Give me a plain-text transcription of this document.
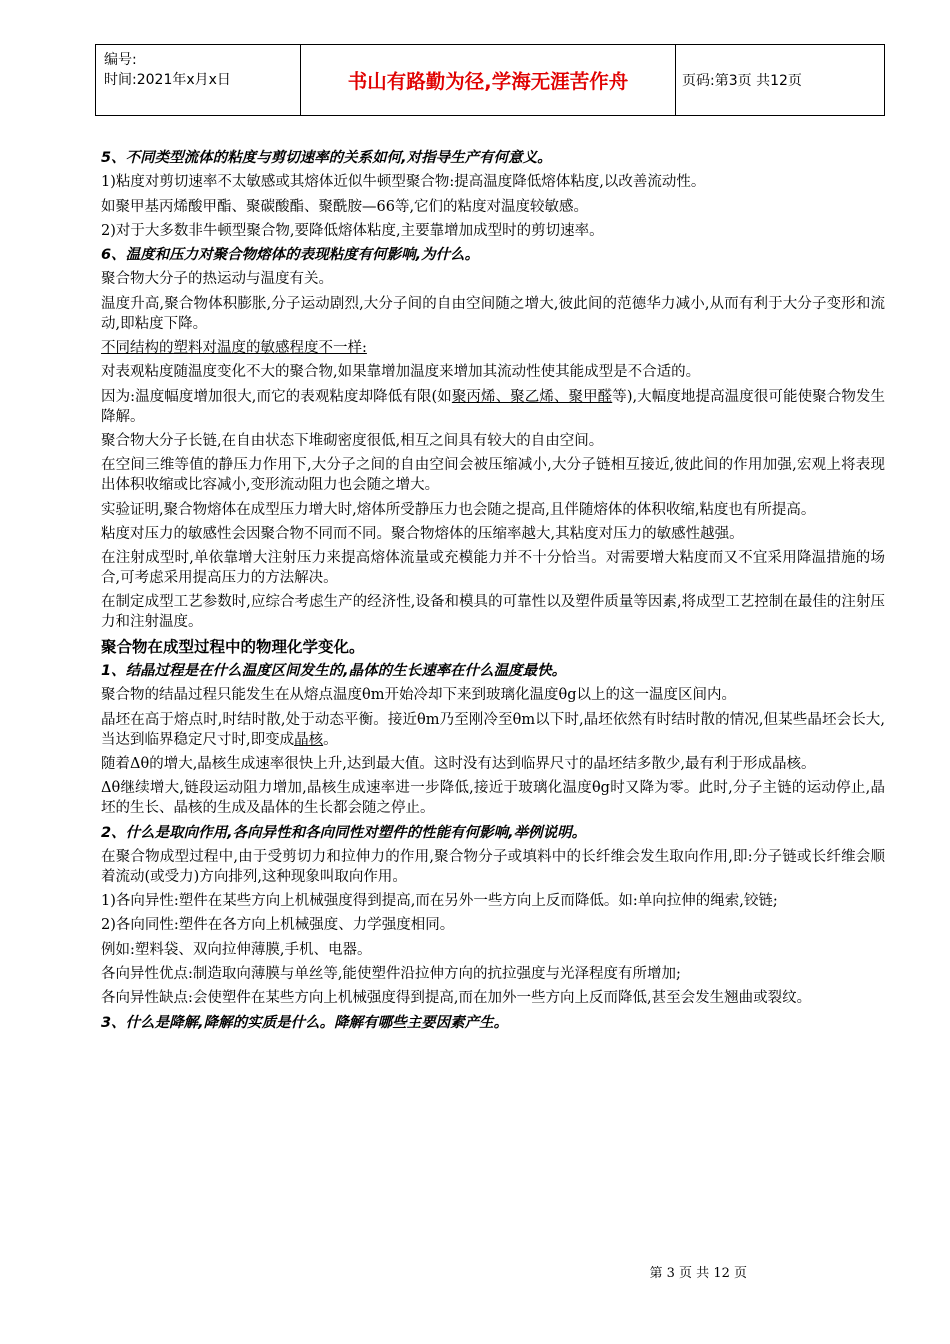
编号:
时间:2021年x月x日	书山有路勤为径,学海无涯苦作舟	页码:第3页 共12页
5、不同类型流体的粘度与剪切速率的关系如何,对指导生产有何意义。
1)粘度对剪切速率不太敏感或其熔体近似牛顿型聚合物:提高温度降低熔体粘度,以改善流动性。
如聚甲基丙烯酸甲酯、聚碳酸酯、聚酰胺—66等,它们的粘度对温度较敏感。
2)对于大多数非牛顿型聚合物,要降低熔体粘度,主要靠增加成型时的剪切速率。
6、温度和压力对聚合物熔体的表现粘度有何影响,为什么。
聚合物大分子的热运动与温度有关。
温度升高,聚合物体积膨胀,分子运动剧烈,大分子间的自由空间随之增大,彼此间的范德华力减小,从而有利于大分子变形和流动,即粘度下降。
不同结构的塑料对温度的敏感程度不一样:
对表观粘度随温度变化不大的聚合物,如果靠增加温度来增加其流动性使其能成型是不合适的。
因为:温度幅度增加很大,而它的表观粘度却降低有限(如聚丙烯、聚乙烯、聚甲醛等),大幅度地提高温度很可能使聚合物发生降解。
聚合物大分子长链,在自由状态下堆砌密度很低,相互之间具有较大的自由空间。
在空间三维等值的静压力作用下,大分子之间的自由空间会被压缩减小,大分子链相互接近,彼此间的作用加强,宏观上将表现出体积收缩或比容减小,变形流动阻力也会随之增大。
实验证明,聚合物熔体在成型压力增大时,熔体所受静压力也会随之提高,且伴随熔体的体积收缩,粘度也有所提高。
粘度对压力的敏感性会因聚合物不同而不同。聚合物熔体的压缩率越大,其粘度对压力的敏感性越强。
在注射成型时,单依靠增大注射压力来提高熔体流量或充模能力并不十分恰当。对需要增大粘度而又不宜采用降温措施的场合,可考虑采用提高压力的方法解决。
在制定成型工艺参数时,应综合考虑生产的经济性,设备和模具的可靠性以及塑件质量等因素,将成型工艺控制在最佳的注射压力和注射温度。
聚合物在成型过程中的物理化学变化。
1、结晶过程是在什么温度区间发生的,晶体的生长速率在什么温度最快。
聚合物的结晶过程只能发生在从熔点温度θm开始冷却下来到玻璃化温度θg以上的这一温度区间内。
晶坯在高于熔点时,时结时散,处于动态平衡。接近θm乃至刚冷至θm以下时,晶坯依然有时结时散的情况,但某些晶坯会长大,当达到临界稳定尺寸时,即变成晶核。
随着Δθ的增大,晶核生成速率很快上升,达到最大值。这时没有达到临界尺寸的晶坯结多散少,最有利于形成晶核。
Δθ继续增大,链段运动阻力增加,晶核生成速率进一步降低,接近于玻璃化温度θg时又降为零。此时,分子主链的运动停止,晶坯的生长、晶核的生成及晶体的生长都会随之停止。
2、什么是取向作用,各向异性和各向同性对塑件的性能有何影响,举例说明。
在聚合物成型过程中,由于受剪切力和拉伸力的作用,聚合物分子或填料中的长纤维会发生取向作用,即:分子链或长纤维会顺着流动(或受力)方向排列,这种现象叫取向作用。
1)各向异性:塑件在某些方向上机械强度得到提高,而在另外一些方向上反而降低。如:单向拉伸的绳索,铰链;
2)各向同性:塑件在各方向上机械强度、力学强度相同。
例如:塑料袋、双向拉伸薄膜,手机、电器。
各向异性优点:制造取向薄膜与单丝等,能使塑件沿拉伸方向的抗拉强度与光泽程度有所增加;
各向异性缺点:会使塑件在某些方向上机械强度得到提高,而在加外一些方向上反而降低,甚至会发生翘曲或裂纹。
3、什么是降解,降解的实质是什么。降解有哪些主要因素产生。
第 3 页 共 12 页
